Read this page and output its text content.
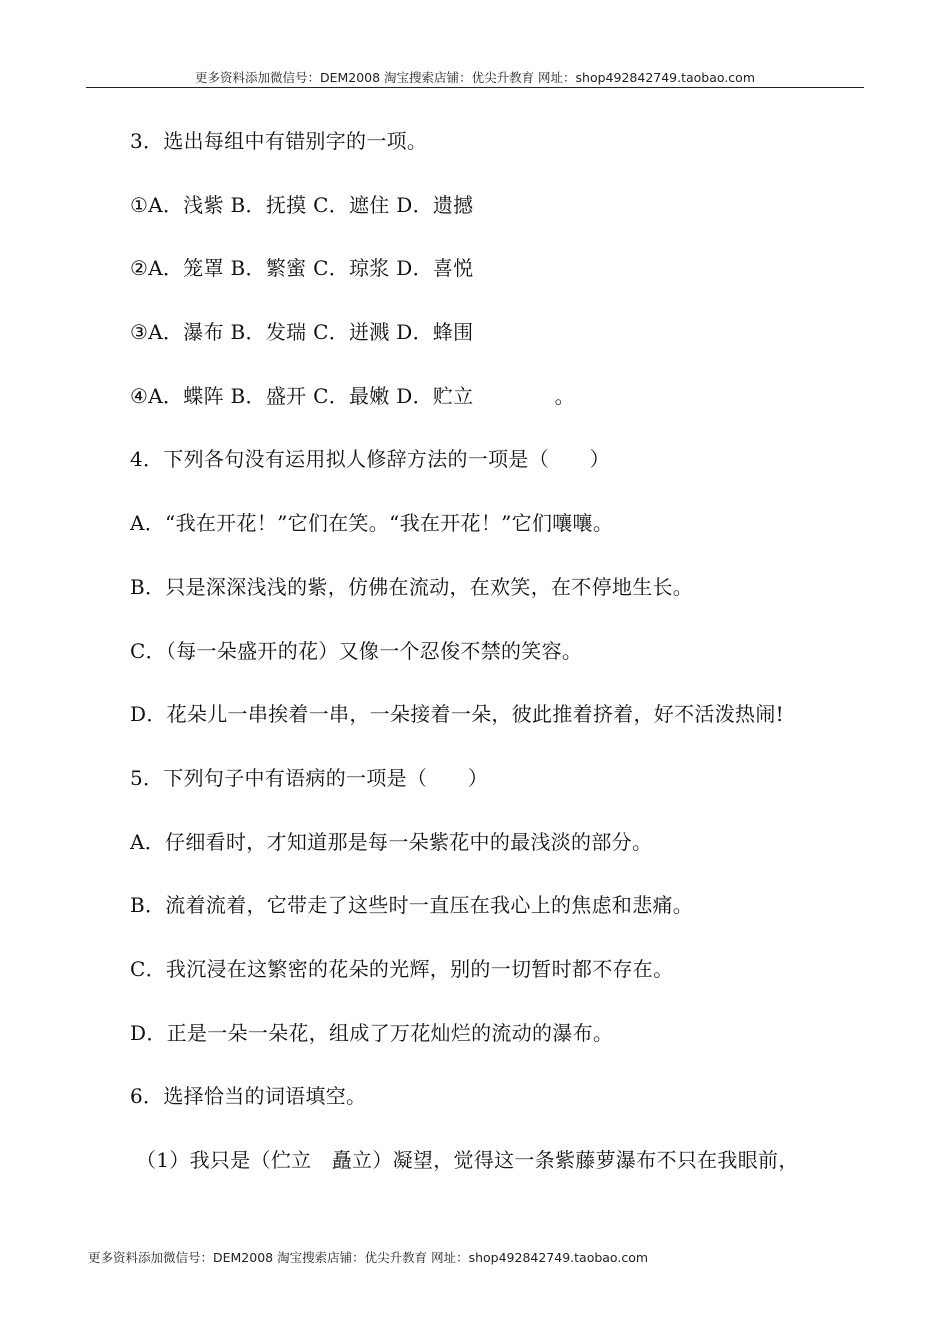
更多资料添加微信号：DEM2008 淘宝搜索店铺：优尖升教育 网址：shop492842749.taobao.com
3．选出每组中有错别字的一项。
①A．浅紫 B．抚摸 C．遮住 D．遗撼
②A．笼罩 B．繁蜜 C．琼浆 D．喜悦
③A．瀑布 B．发瑞 C．迸溅 D．蜂围
④A．蝶阵 B．盛开 C．最嫩 D．贮立　　　　。
4．下列各句没有运用拟人修辞方法的一项是（　　）
A．“我在开花！”它们在笑。“我在开花！”它们嚷嚷。
B．只是深深浅浅的紫，仿佛在流动，在欢笑，在不停地生长。
C．（每一朵盛开的花）又像一个忍俊不禁的笑容。
D．花朵儿一串挨着一串，一朵接着一朵，彼此推着挤着，好不活泼热闹!
5．下列句子中有语病的一项是（　　）
A．仔细看时，才知道那是每一朵紫花中的最浅淡的部分。
B．流着流着，它带走了这些时一直压在我心上的焦虑和悲痛。
C．我沉浸在这繁密的花朵的光辉，别的一切暂时都不存在。
D．正是一朵一朵花，组成了万花灿烂的流动的瀑布。
6．选择恰当的词语填空。
（1）我只是（伫立　矗立）凝望，觉得这一条紫藤萝瀑布不只在我眼前，
更多资料添加微信号：DEM2008 淘宝搜索店铺：优尖升教育 网址：shop492842749.taobao.com
